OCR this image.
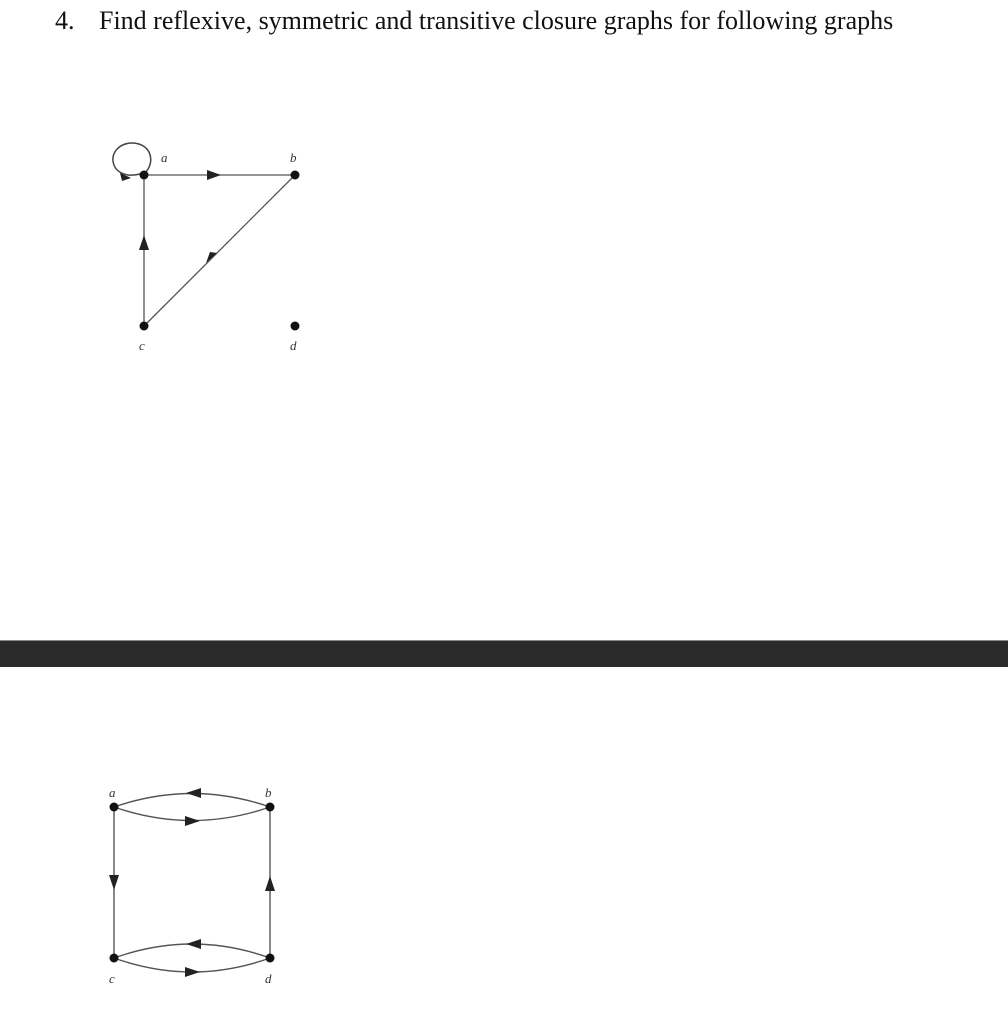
4. Find reflexive, symmetric and transitive closure graphs for following graphs
a	b
c	d
a	b
c	d
